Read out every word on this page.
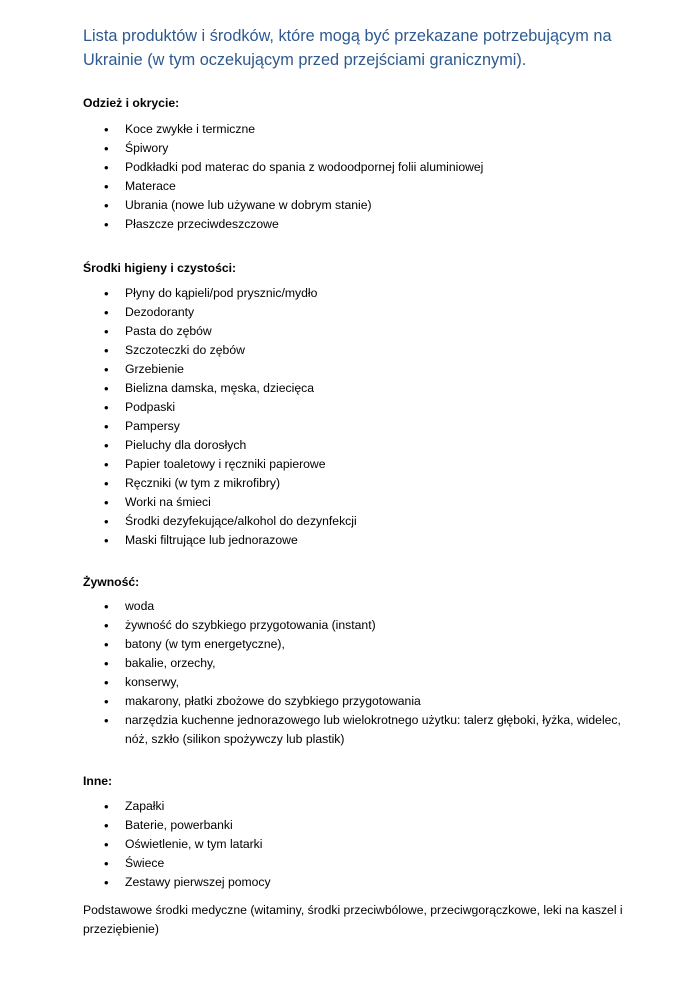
Lista produktów i środków, które mogą być przekazane potrzebującym na Ukrainie (w tym oczekującym przed przejściami granicznymi).

Odzież i okrycie:

• Koce zwykłe i termiczne
• Śpiwory
• Podkładki pod materac do spania z wodoodpornej folii aluminiowej
• Materace
• Ubrania (nowe lub używane w dobrym stanie)
• Płaszcze przeciwdeszczowe

Środki higieny i czystości:

• Płyny do kąpieli/pod prysznic/mydło
• Dezodoranty
• Pasta do zębów
• Szczoteczki do zębów
• Grzebienie
• Bielizna damska, męska, dziecięca
• Podpaski
• Pampersy
• Pieluchy dla dorosłych
• Papier toaletowy i ręczniki papierowe
• Ręczniki (w tym z mikrofibry)
• Worki na śmieci
• Środki dezyfekujące/alkohol do dezynfekcji
• Maski filtrujące lub jednorazowe

Żywność:

• woda
• żywność do szybkiego przygotowania (instant)
• batony (w tym energetyczne),
• bakalie, orzechy,
• konserwy,
• makarony, płatki zbożowe do szybkiego przygotowania
• narzędzia kuchenne jednorazowego lub wielokrotnego użytku: talerz głęboki, łyżka, widelec, nóż, szkło (silikon spożywczy lub plastik)

Inne:

• Zapałki
• Baterie, powerbanki
• Oświetlenie, w tym latarki
• Świece
• Zestawy pierwszej pomocy

Podstawowe środki medyczne (witaminy, środki przeciwbólowe, przeciwgorączkowe, leki na kaszel i przeziębienie)
